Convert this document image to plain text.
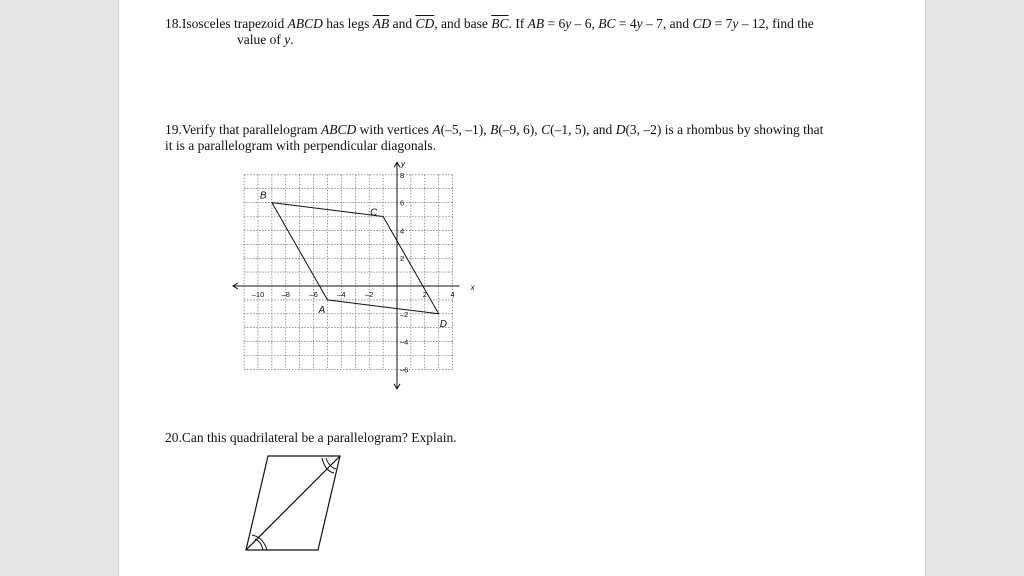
18.Isosceles trapezoid ABCD has legs $\overline{AB}$ and $\overline{CD}$, and base $\overline{BC}$. If AB = 6y – 6, BC = 4y – 7, and CD = 7y – 12, find the
value of y.
19.Verify that parallelogram ABCD with vertices A(–5, –1), B(–9, 6), C(–1, 5), and D(3, –2) is a rhombus by showing that
it is a parallelogram with perpendicular diagonals.
x
y
–10 –8	–6	–4	–2	2	4
6
4
2
–2
–4
–6
8
A
B
C
D
20.Can this quadrilateral be a parallelogram? Explain.
